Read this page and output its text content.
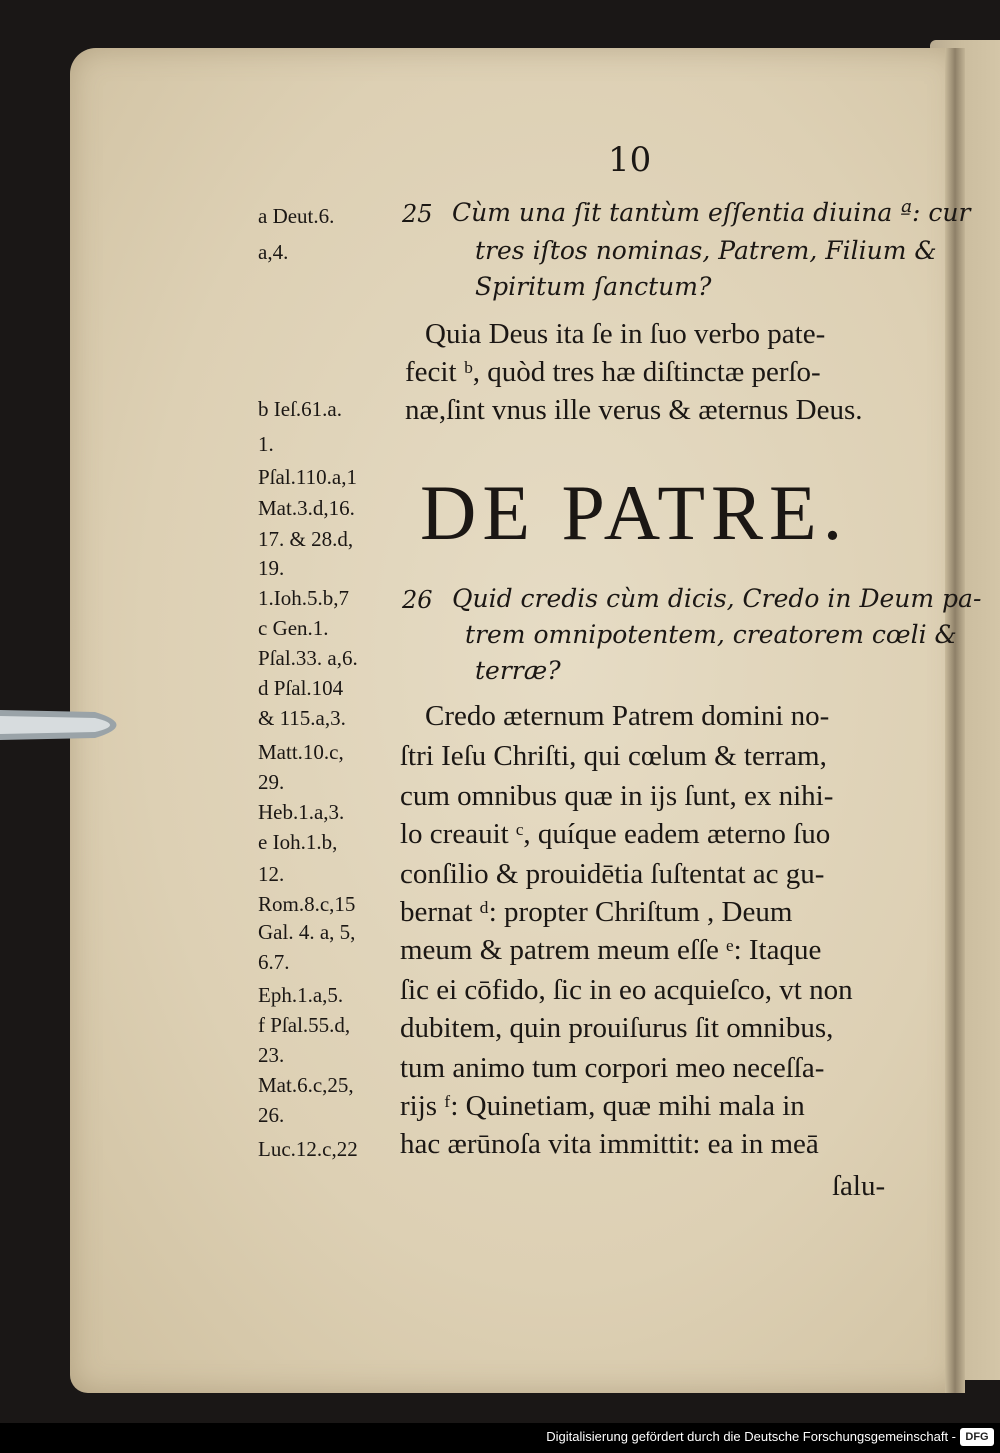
10
a Deut.6.
a,4.
b Ieſ.61.a.
1.
Pſal.110.a,1
Mat.3.d,16.
17. & 28.d,
19.
1.Ioh.5.b,7
c Gen.1.
Pſal.33. a,6.
d Pſal.104
& 115.a,3.
Matt.10.c,
29.
Heb.1.a,3.
e Ioh.1.b,
12.
Rom.8.c,15
Gal. 4. a, 5,
6.7.
Eph.1.a,5.
f Pſal.55.d,
23.
Mat.6.c,25,
26.
Luc.12.c,22
25 Cùm una ſit tantùm eſſentia diuina ª: cur
tres iſtos nominas, Patrem, Filium &
Spiritum ſanctum?
Quia Deus ita ſe in ſuo verbo pate-
fecit ᵇ, quòd tres hæ diſtinctæ perſo-
næ,ſint vnus ille verus & æternus Deus.
DE PATRE.
26 Quid credis cùm dicis, Credo in Deum pa-
trem omnipotentem, creatorem cœli &
terræ?
Credo æternum Patrem domini no-
ſtri Ieſu Chriſti, qui cœlum & terram,
cum omnibus quæ in ijs ſunt, ex nihi-
lo creauit ᶜ, quíque eadem æterno ſuo
conſilio & prouidētia ſuſtentat ac gu-
bernat ᵈ: propter Chriſtum , Deum
meum & patrem meum eſſe ᵉ: Itaque
ſic ei cōfido, ſic in eo acquieſco, vt non
dubitem, quin prouiſurus ſit omnibus,
tum animo tum corpori meo neceſſa-
rijs ᶠ: Quinetiam, quæ mihi mala in
hac ærūnoſa vita immittit: ea in meā
ſalu-
Digitalisierung gefördert durch die Deutsche Forschungsgemeinschaft - DFG
